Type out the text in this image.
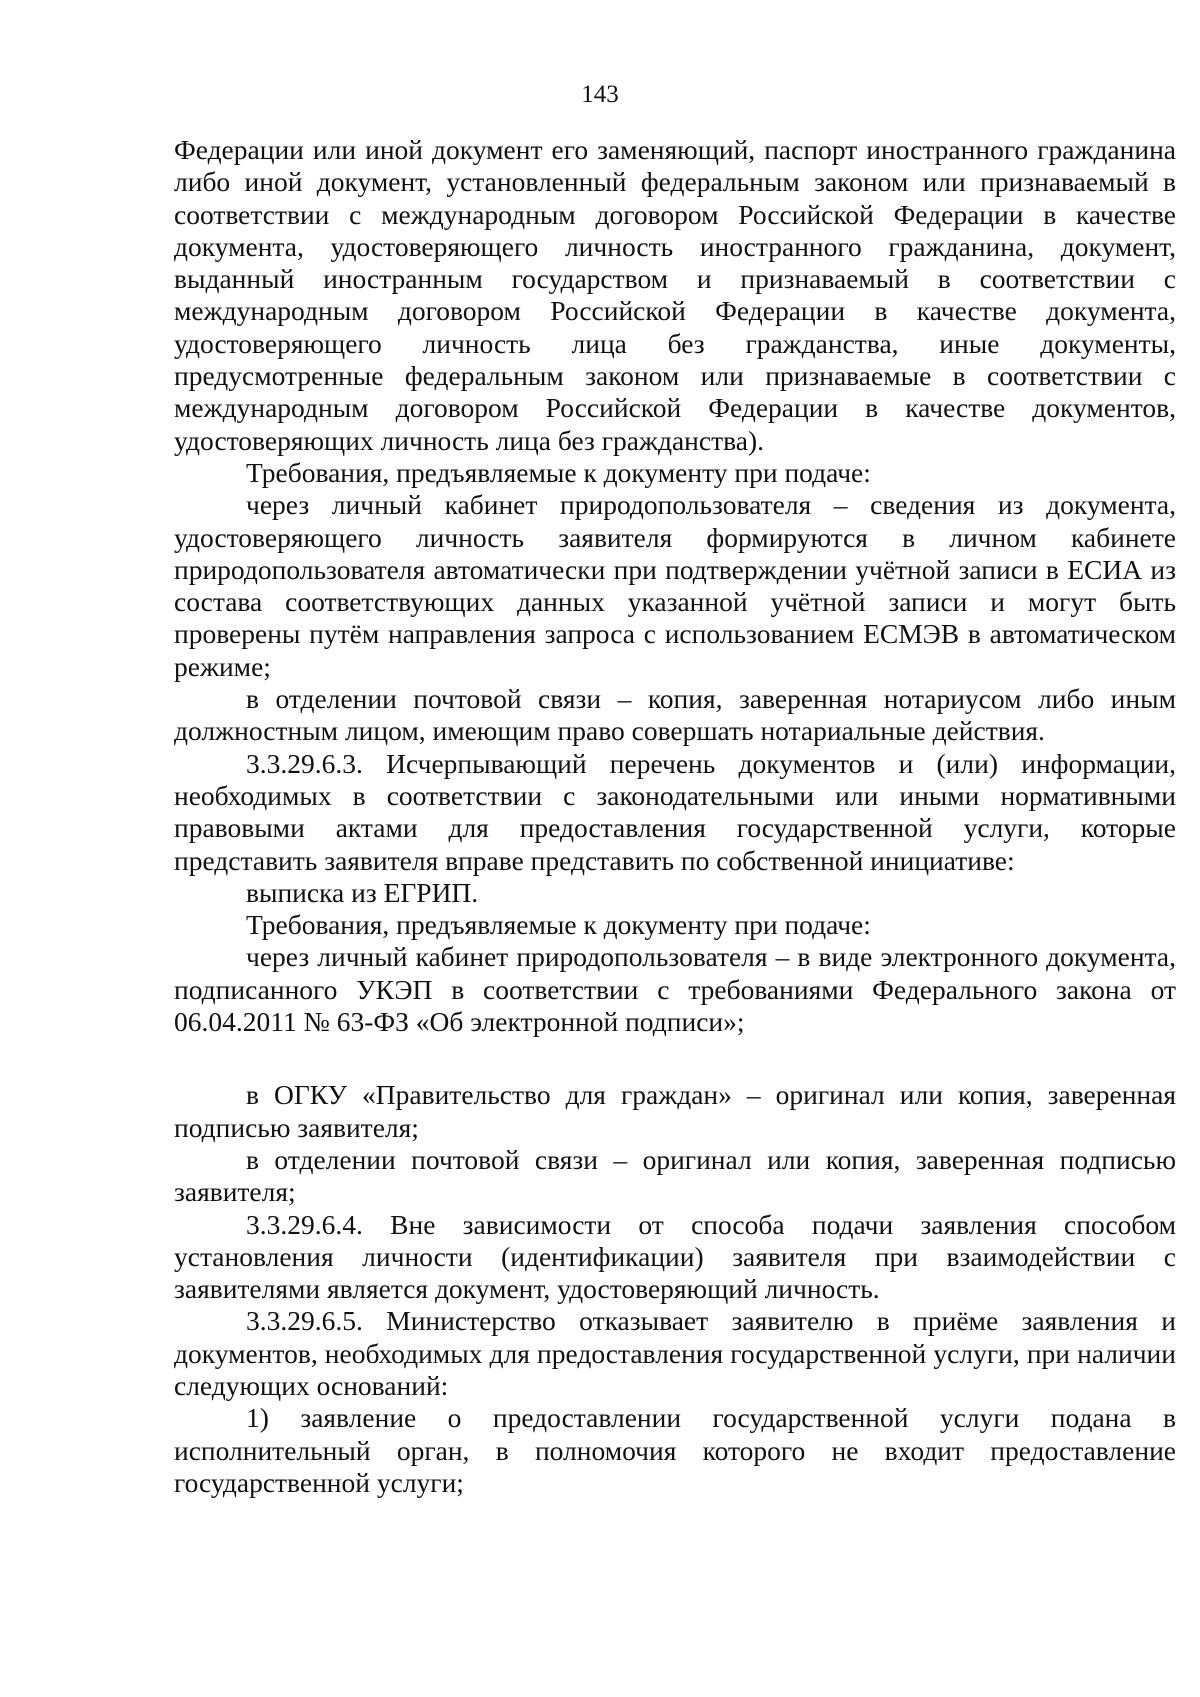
143

Федерации или иной документ его заменяющий, паспорт иностранного гражданина либо иной документ, установленный федеральным законом или признаваемый в соответствии с международным договором Российской Федерации в качестве документа, удостоверяющего личность иностранного гражданина, документ, выданный иностранным государством и признаваемый в соответствии с международным договором Российской Федерации в качестве документа, удостоверяющего личность лица без гражданства, иные документы, предусмотренные федеральным законом или признаваемые в соответствии с международным договором Российской Федерации в качестве документов, удостоверяющих личность лица без гражданства).

Требования, предъявляемые к документу при подаче:

через личный кабинет природопользователя – сведения из документа, удостоверяющего личность заявителя формируются в личном кабинете природопользователя автоматически при подтверждении учётной записи в ЕСИА из состава соответствующих данных указанной учётной записи и могут быть проверены путём направления запроса с использованием ЕСМЭВ в автоматическом режиме;

в отделении почтовой связи – копия, заверенная нотариусом либо иным должностным лицом, имеющим право совершать нотариальные действия.

3.3.29.6.3. Исчерпывающий перечень документов и (или) информации, необходимых в соответствии с законодательными или иными нормативными правовыми актами для предоставления государственной услуги, которые представить заявителя вправе представить по собственной инициативе:

выписка из ЕГРИП.

Требования, предъявляемые к документу при подаче:

через личный кабинет природопользователя – в виде электронного документа, подписанного УКЭП в соответствии с требованиями Федерального закона от 06.04.2011 № 63-ФЗ «Об электронной подписи»;

в ОГКУ «Правительство для граждан» – оригинал или копия, заверенная подписью заявителя;

в отделении почтовой связи – оригинал или копия, заверенная подписью заявителя;

3.3.29.6.4. Вне зависимости от способа подачи заявления способом установления личности (идентификации) заявителя при взаимодействии с заявителями является документ, удостоверяющий личность.

3.3.29.6.5. Министерство отказывает заявителю в приёме заявления и документов, необходимых для предоставления государственной услуги, при наличии следующих оснований:

1) заявление о предоставлении государственной услуги подана в исполнительный орган, в полномочия которого не входит предоставление государственной услуги;
